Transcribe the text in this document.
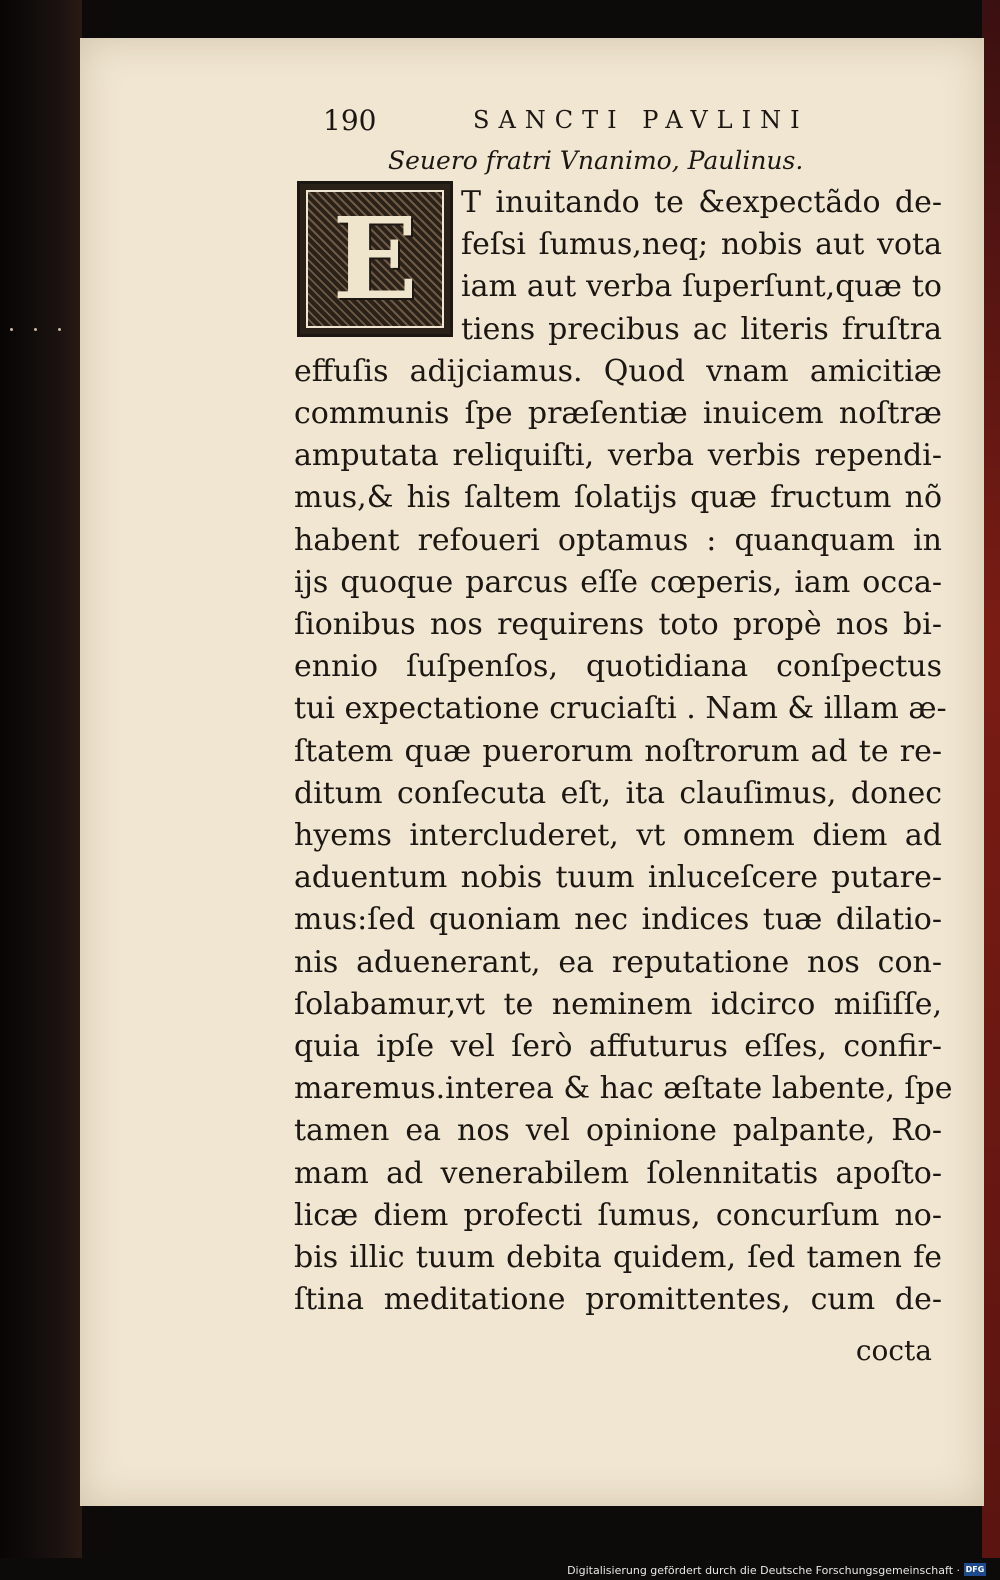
190	SANCTI PAVLINI
Seuero fratri Vnanimo, Paulinus.
E	T inuitando te &expectãdo de-
feſsi ſumus,neq; nobis aut vota
iam aut verba ſuperſunt,quæ to
tiens precibus ac literis fruſtra
effuſis adijciamus. Quod vnam amicitiæ
communis ſpe præſentiæ inuicem noſtræ
amputata reliquiſti, verba verbis rependi-
mus,& his ſaltem ſolatijs quæ fructum nõ
habent refoueri optamus : quanquam in
ijs quoque parcus eſſe cœperis, iam occa-
ſionibus nos requirens toto propè nos bi-
ennio ſuſpenſos, quotidiana conſpectus
tui expectatione cruciaſti . Nam & illam æ-
ſtatem quæ puerorum noſtrorum ad te re-
ditum conſecuta eſt, ita clauſimus, donec
hyems intercluderet, vt omnem diem ad
aduentum nobis tuum inluceſcere putare-
mus:ſed quoniam nec indices tuæ dilatio-
nis aduenerant, ea reputatione nos con-
ſolabamur,vt te neminem idcirco miſiſſe,
quia ipſe vel ſerò affuturus eſſes, confir-
maremus.interea & hac æſtate labente, ſpe
tamen ea nos vel opinione palpante, Ro-
mam ad venerabilem ſolennitatis apoſto-
licæ diem profecti ſumus, concurſum no-
bis illic tuum debita quidem, ſed tamen fe
ſtina meditatione promittentes, cum de-
cocta
Digitalisierung gefördert durch die Deutsche Forschungsgemeinschaft · DFG
